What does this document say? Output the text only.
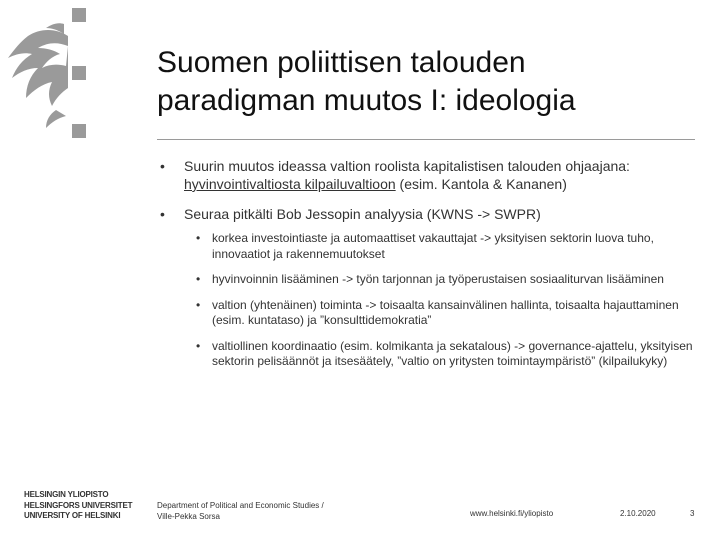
Suomen poliittisen talouden
paradigman muutos I: ideologia
• Suurin muutos ideassa valtion roolista kapitalistisen talouden ohjaajana: hyvinvointivaltiosta kilpailuvaltioon (esim. Kantola & Kananen)
• Seuraa pitkälti Bob Jessopin analyysia (KWNS -> SWPR)
• korkea investointiaste ja automaattiset vakauttajat -> yksityisen sektorin luova tuho, innovaatiot ja rakennemuutokset
• hyvinvoinnin lisääminen -> työn tarjonnan ja työperustaisen sosiaaliturvan lisääminen
• valtion (yhtenäinen) toiminta -> toisaalta kansainvälinen hallinta, toisaalta hajauttaminen (esim. kuntataso) ja ”konsulttidemokratia”
• valtiollinen koordinaatio (esim. kolmikanta ja sekatalous) -> governance-ajattelu, yksityisen sektorin pelisäännöt ja itsesäätely, ”valtio on yritysten toimintaympäristö” (kilpailukyky)
HELSINGIN YLIOPISTO
HELSINGFORS UNIVERSITET
UNIVERSITY OF HELSINKI
Department of Political and Economic Studies /
Ville-Pekka Sorsa	www.helsinki.fi/yliopisto	2.10.2020	3
